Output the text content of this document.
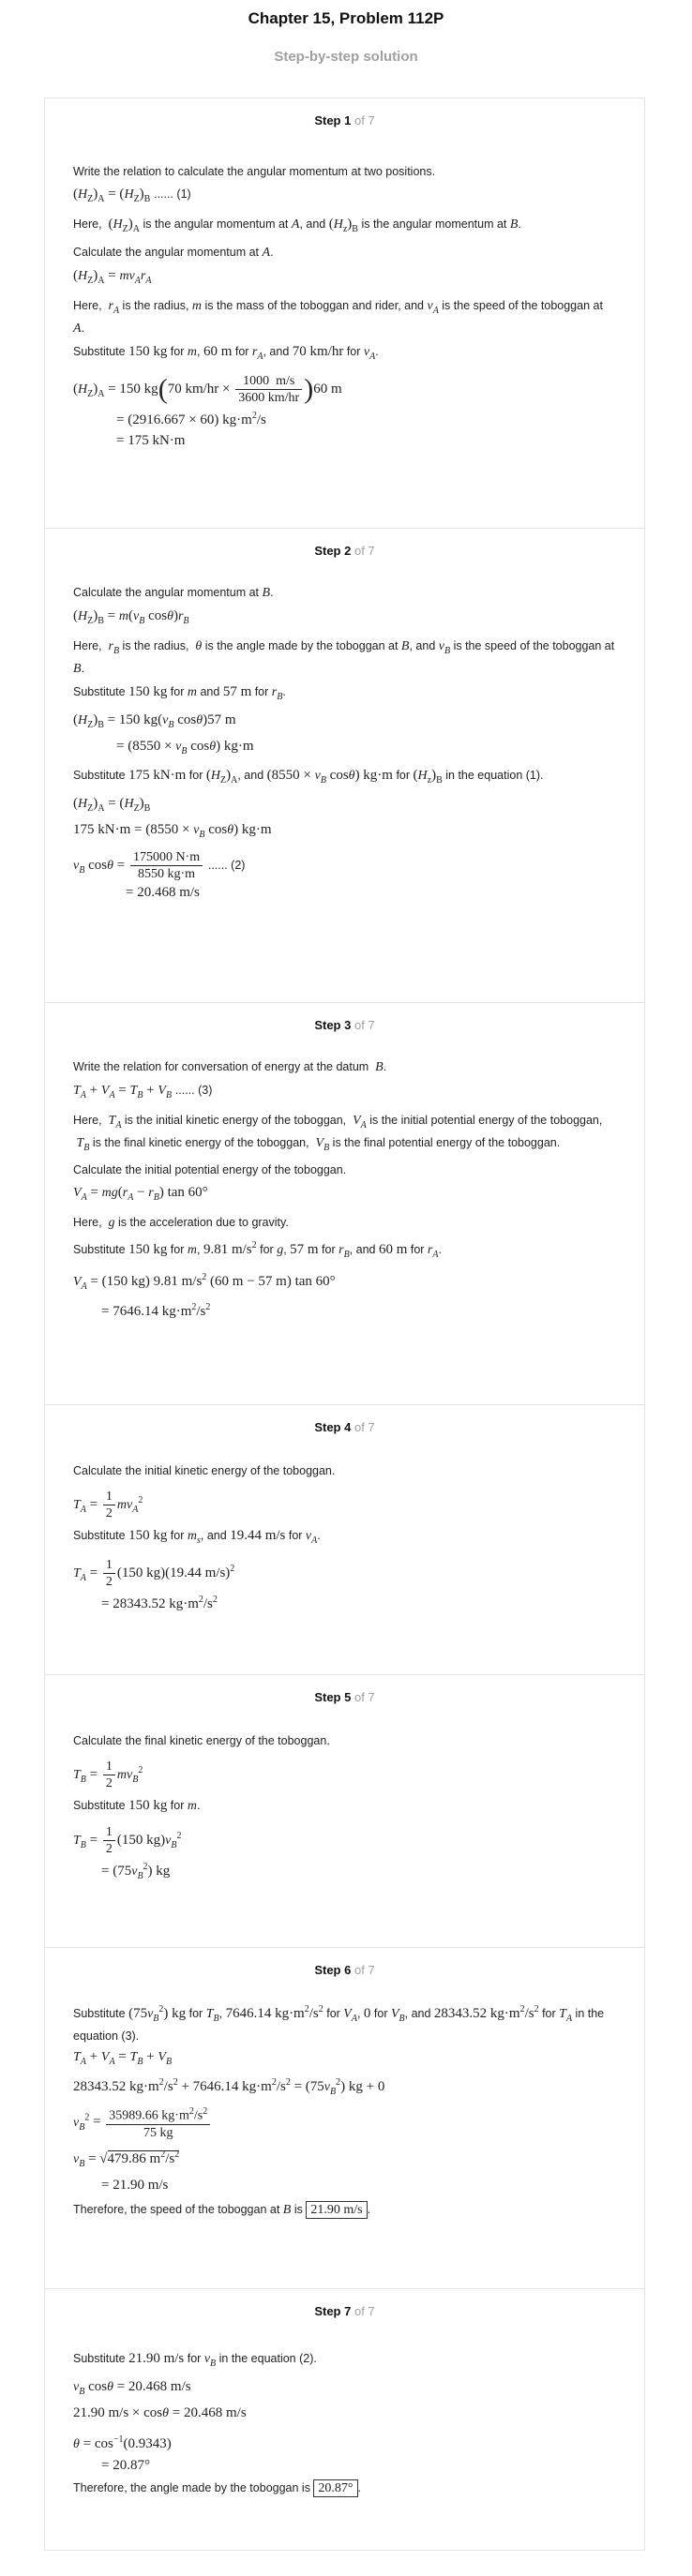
Chapter 15, Problem 112P
Step-by-step solution
Step 1 of 7

Write the relation to calculate the angular momentum at two positions.

$(H_Z)_A = (H_Z)_B$ ...... (1)

Here,  $(H_Z)_A$ is the angular momentum at A, and $(H_z)_B$ is the angular momentum at B.

Calculate the angular momentum at A.

$(H_Z)_A = mv_Ar_A$

Here,  $r_A$ is the radius, m is the mass of the toboggan and rider, and $v_A$ is the speed of the toboggan at A.

Substitute 150 kg for m, 60 m for $r_A$, and 70 km/hr for $v_A$.

$(H_Z)_A = 150$ kg(70 $km/hr \times \frac{1000 m/s}{3600 km/hr} )60$ m
= (2916.667 × 60) $kg\cdot m^2/s$
= 175 kN·m
Step 2 of 7

Calculate the angular momentum at B.

$(H_Z)_B = m(v_B$ $\cos\theta)r_B$

Here,  $r_B$ is the radius,  θ is the angle made by the toboggan at B, and $v_B$ is the speed of the toboggan at B.

Substitute 150 kg for m and 57 m for $r_B$.

$(H_Z)_B = 150$ $kg(v_B$ cosθ)57 m
= ($8550 \times v_B$ cosθ) kg·m

Substitute 175 kN·m for $(H_Z)_A$, and ($8550 \times v_B$ cosθ) kg·m for $(H_z)_B$ in the equation (1).

$(H_Z)_A = (H_Z)_B$
175 $kN\cdot m = (8550 \times v_B$ cosθ) kg·m
$v_B$ $\cos\theta = \frac{175000 N\cdot m}{8550 kg\cdot m}$ ...... (2)
= 20.468 m/s
Step 3 of 7

Write the relation for conversation of energy at the datum B.

$T_A + V_A = T_B + V_B$ ...... (3)

Here,  $T_A$ is the initial kinetic energy of the toboggan,  $V_A$ is the initial potential energy of the toboggan,  $T_B$ is the final kinetic energy of the toboggan,  $V_B$ is the final potential energy of the toboggan.

Calculate the initial potential energy of the toboggan.

$V_A = mg(r_A - r_B)$ tan 60°

Here,  g is the acceleration due to gravity.

Substitute 150 kg for m, 9.81 $m/s^2$ for g, 57 m for $r_B$, and 60 m for $r_A$.

$V_A = (150$ kg) 9.81 $m/s^2$ (60 m − 57 m) tan 60°
= 7646.14 $kg\cdot m^2/s^2$
Step 4 of 7

Calculate the initial kinetic energy of the toboggan.

$T_A = \frac{1}{2} mv_A^2$

Substitute 150 kg for $m_s$, and 19.44 m/s for $v_A$.

$T_A = \frac{1}{2} (150$ kg)(19.44 m/s)$^2$
= 28343.52 $kg\cdot m^2/s^2$
Step 5 of 7

Calculate the final kinetic energy of the toboggan.

$T_B = \frac{1}{2} mv_B^2$

Substitute 150 kg for m.

$T_B = \frac{1}{2} (150$ $kg)v_B^2$
= $(75v_B^2)$ kg
Step 6 of 7

Substitute $(75v_B^2)$ kg for $T_B$, 7646.14 $kg\cdot m^2/s^2$ for $V_A$, 0 for $V_B$, and 28343.52 $kg\cdot m^2/s^2$ for $T_A$ in the equation (3).

$T_A + V_A = T_B + V_B$
28343.52 $kg\cdot m^2/s^2 + 7646.14$ $kg\cdot m^2/s^2 = (75v_B^2)$ kg + 0
$v_B^2 = \frac{35989.66 kg\cdot m^2/s^2}{75 kg}$
$v_B = √479.86$ $m^2/s^2$
= 21.90 m/s

Therefore, the speed of the toboggan at B is 21.90 m/s .

Step 7 of 7

Substitute 21.90 m/s for $v_B$ in the equation (2).

$v_B$ cosθ = 20.468 m/s
21.90 m/s × cosθ = 20.468 m/s
$\theta = \cos^{-1}(0.9343)$
= 20.87°

Therefore, the angle made by the toboggan is 20.87° .
